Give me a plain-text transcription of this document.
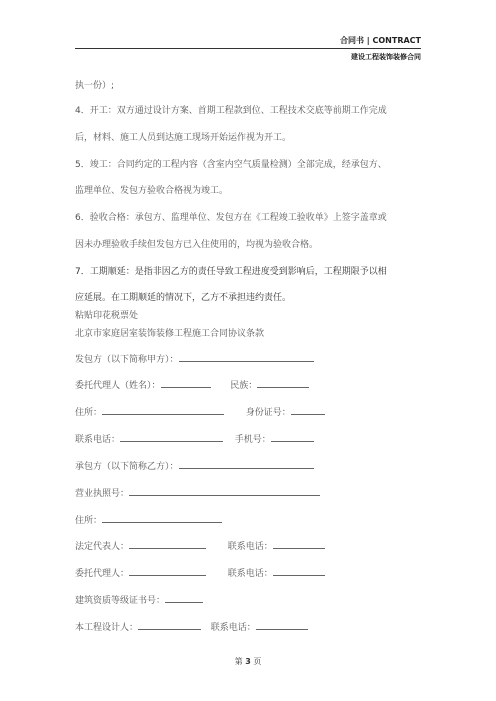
合同书 | CONTRACT
建设工程装饰装修合同
执一份）;
4．开工：双方通过设计方案、首期工程款到位、工程技术交底等前期工作完成
后，材料、施工人员到达施工现场开始运作视为开工。
5．竣工：合同约定的工程内容（含室内空气质量检测）全部完成，经承包方、
监理单位、发包方验收合格视为竣工。
6．验收合格：承包方、监理单位、发包方在《工程竣工验收单》上签字盖章或
因未办理验收手续但发包方已入住使用的，均视为验收合格。
7．工期顺延：是指非因乙方的责任导致工程进度受到影响后，工程期限予以相
应延展。在工期顺延的情况下，乙方不承担违约责任。
粘贴印花税票处
北京市家庭居室装饰装修工程施工合同协议条款
发包方（以下简称甲方）：
委托代理人（姓名）：	民族：
住所：	身份证号：
联系电话：	手机号：
承包方（以下简称乙方）：
营业执照号：
住所：
法定代表人：	联系电话：
委托代理人：	联系电话：
建筑资质等级证书号：
本工程设计人：	联系电话：
第 3 页
